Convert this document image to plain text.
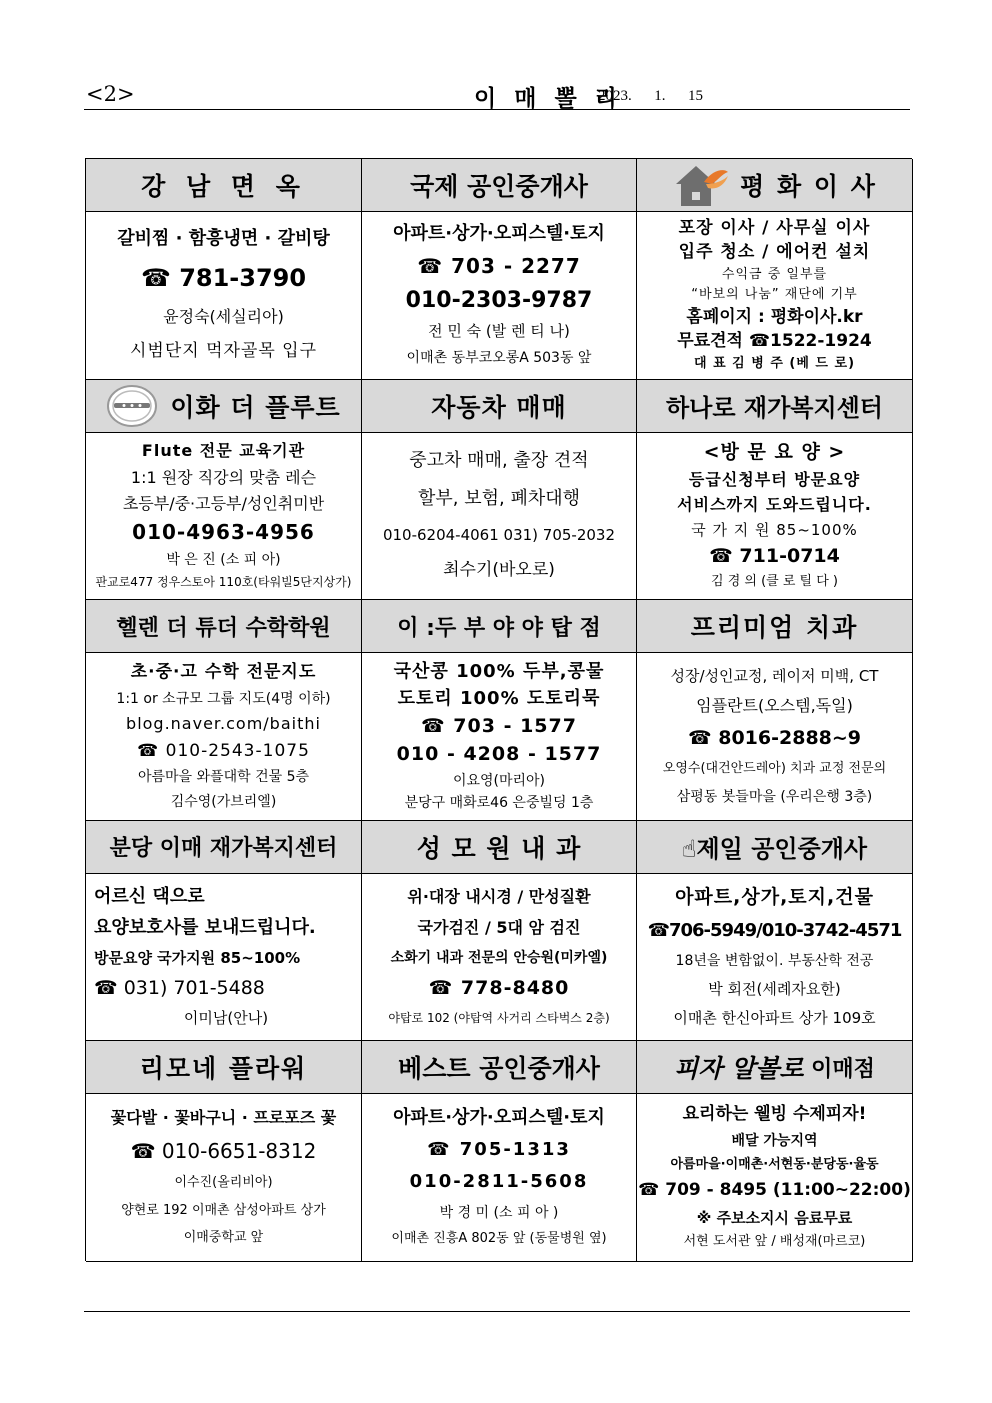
<2>	이 매 뽈 리
2023.      1.      15
강 남 면 옥
갈비찜 · 함흥냉면 · 갈비탕
☎ 781-3790
윤정숙(세실리아)
시범단지 먹자골목 입구
국제 공인중개사
아파트·상가·오피스텔·토지
☎ 703 - 2277
010-2303-9787
전 민 숙 (발 렌 티 나)
이매촌 동부코오롱A 503동 앞
평 화 이 사
포장 이사 / 사무실 이사
입주 청소 / 에어컨 설치
수익금 중 일부를
“바보의 나눔” 재단에 기부
홈페이지 : 평화이사.kr
무료견적 ☎1522-1924
대 표 김 병 주 (베 드 로)
이화 더 플루트
Flute 전문 교육기관
1:1 원장 직강의 맞춤 레슨
초등부/중·고등부/성인취미반
010-4963-4956
박 은 진 (소 피 아)
판교로477 정우스토아 110호(타워빌5단지상가)
자동차 매매
중고차 매매, 출장 견적
할부, 보험, 폐차대행
010-6204-4061 031) 705-2032
최수기(바오로)
하나로 재가복지센터
<방 문 요 양 >
등급신청부터 방문요양
서비스까지 도와드립니다.
국 가 지 원 85~100%
☎ 711-0714
김 경 의 (클 로 틸 다 )
헬렌 더 튜더 수학학원
초·중·고 수학 전문지도
1:1 or 소규모 그룹 지도(4명 이하)
blog.naver.com/baithi
☎ 010-2543-1075
아름마을 와플대학 건물 5층
김수영(가브리엘)
이 :두 부 야 야 탑 점
국산콩 100% 두부,콩물
도토리 100% 도토리묵
☎ 703 - 1577
010 - 4208 - 1577
이요영(마리아)
분당구 매화로46 은중빌딩 1층
프리미엄 치과
성장/성인교정, 레이저 미백, CT
임플란트(오스템,독일)
☎ 8016-2888~9
오영수(대건안드레아) 치과 교정 전문의
삼평동 봇들마을 (우리은행 3층)
분당 이매 재가복지센터
어르신 댁으로
요양보호사를 보내드립니다.
방문요양 국가지원 85~100%
☎ 031) 701-5488
이미남(안나)
성 모 원 내 과
위·대장 내시경 / 만성질환
국가검진 / 5대 암 검진
소화기 내과 전문의 안승원(미카엘)
☎ 778-8480
야탑로 102 (야탑역 사거리 스타벅스 2층)
☝제일 공인중개사
아파트,상가,토지,건물
☎706-5949/010-3742-4571
18년을 변함없이. 부동산학 전공
박 회전(세례자요한)
이매촌 한신아파트 상가 109호
리모네 플라워
꽃다발 · 꽃바구니 · 프로포즈 꽃
☎ 010-6651-8312
이수진(올리비아)
양현로 192 이매촌 삼성아파트 상가
이매중학교 앞
베스트 공인중개사
아파트·상가·오피스텔·토지
☎ 705-1313
010-2811-5608
박 경 미 (소 피 아 )
이매촌 진흥A 802동 앞 (동물병원 옆)
피자 알볼로 이매점
요리하는 웰빙 수제피자!
배달 가능지역
아름마을·이매촌·서현동·분당동·율동
☎ 709 - 8495 (11:00~22:00)
※ 주보소지시 음료무료
서현 도서관 앞 / 배성재(마르코)
